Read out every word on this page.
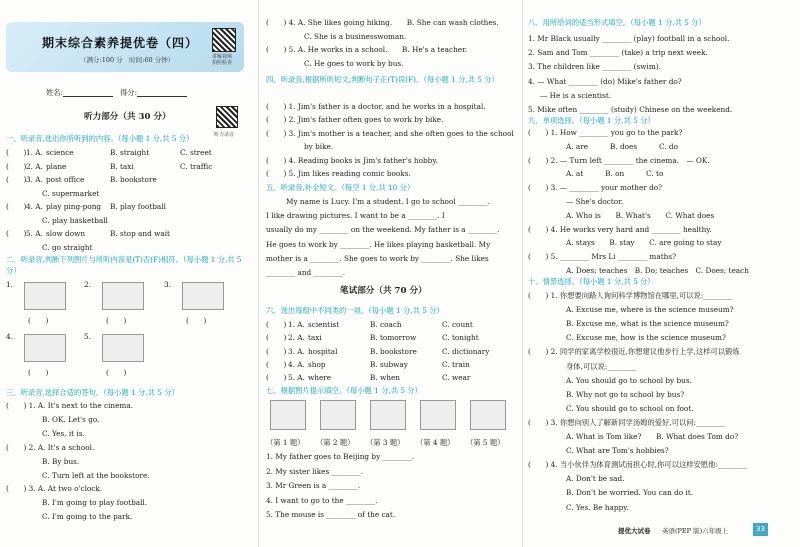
期末综合素养提优卷（四）
（满分:100 分　时间:60 分钟）	讲解视频
拍照检查
姓名:	得分:
听力录音
听力部分（共 30 分）
一、听录音,选出你所听到的内容。（每小题 1 分,共 5 分）
(　　) 1. A. science	B. straight	C. street
(　　) 2. A. plane	B. taxi	C. traffic
(　　) 3. A. post office	B. bookstore
C. supermarket
(　　) 4. A. play ping-pong B. play football
C. play basketball
(　　) 5. A. slow down	B. stop and wait
C. go straight
二、听录音,判断下列图片与所听内容是(T)否(F)相符。（每小题 1 分,共 5 分）
1.
(　　)
2.
(　　)
3.
(　　)
4.
(　　)
5.
(　　)
三、听录音,选择合适的答句。（每小题 1 分,共 5 分）
(　　) 1. A. It's next to the cinema.
B. OK. Let's go.
C. Yes, it is.
(　　) 2. A. It's a school.
B. By bus.
C. Turn left at the bookstore.
(　　) 3. A. At two o'clock.
B. I'm going to play football.
C. I'm going to the park.
(　　) 4. A. She likes going hiking.　　B. She can wash clothes.
C. She is a businesswoman.
(　　) 5. A. He works in a school.　　B. He's a teacher.
C. He goes to work by bus.
四、听录音,根据所听短文,判断句子正(T)误(F)。（每小题 1 分,共 5 分）
(　　) 1. Jim's father is a doctor, and he works in a hospital.
(　　) 2. Jim's father often goes to work by bike.
(　　) 3. Jim's mother is a teacher, and she often goes to the school
by bike.
(　　) 4. Reading books is Jim's father's hobby.
(　　) 5. Jim likes reading comic books.
五、听录音,补全短文。（每空 1 分,共 10 分）
My name is Lucy. I'm a student. I go to school ________.
I like drawing pictures. I want to be a ________. I
usually do my ________ on the weekend. My father is a ________.
He goes to work by ________. He likes playing basketball. My
mother is a ________. She goes to work by ________. She likes
________ and ________.
笔试部分（共 70 分）
六、选出每组中不同类的一项。（每小题 1 分,共 5 分）
(　　) 1. A. scientist	B. coach	C. count
(　　) 2. A. taxi	B. tomorrow	C. tonight
(　　) 3. A. hospital	B. bookstore	C. dictionary
(　　) 4. A. shop	B. subway	C. train
(　　) 5. A. where	B. when	C. wear
七、根据图片提示填空。（每小题 1 分,共 5 分）
（第 1 题） （第 2 题） （第 3 题） （第 4 题） （第 5 题）
1. My father goes to Beijing by ________.
2. My sister likes ________.
3. Mr Green is a ________.
4. I want to go to the ________.
5. The mouse is ________ of the cat.
八、用所给词的适当形式填空。（每小题 1 分,共 5 分）
1. Mr Black usually ________ (play) football in a school.
2. Sam and Tom ________ (take) a trip next week.
3. The children like ________ (swim).
4. — What ________ (do) Mike's father do?
— He is a scientist.
5. Mike often ________ (study) Chinese on the weekend.
九、单项选择。（每小题 1 分,共 5 分）
(　　) 1. How ________ you go to the park?
A. are　　　B. does　　　C. do
(　　) 2. — Turn left ________ the cinema.　— OK.
A. at　　　B. on　　　C. to
(　　) 3. — ________ your mother do?
— She's doctor.
A. Who is　　B. What's　　C. What does
(　　) 4. He works very hard and ________ healthy.
A. stays　　B. stay　　C. are going to stay
(　　) 5. ________ Mrs Li ________ maths?
A. Does; teaches　B. Do; teaches　C. Does; teach
十、情景选择。（每小题 1 分,共 5 分）
(　　) 1. 你想要向路人询问科学博物馆在哪里,可以说:________
A. Excuse me, where is the science museum?
B. Excuse me, what is the science museum?
C. Excuse me, how is the science museum?
(　　) 2. 同学的家离学校很近,你想建议他步行上学,这样可以锻炼
身体,可以说:________
A. You should go to school by bus.
B. Why not go to school by bus?
C. You should go to school on foot.
(　　) 3. 你想向别人了解新同学汤姆的爱好,可以问:________
A. What is Tom like?　　B. What does Tom do?
C. What are Tom's hobbies?
(　　) 4. 当小伙伴为体育测试而担心时,你可以这样安慰他:________
A. Don't be sad.
B. Don't be worried. You can do it.
C. Yes. Be happy.
提优大试卷 英语(PEP 版)六年级上	33
